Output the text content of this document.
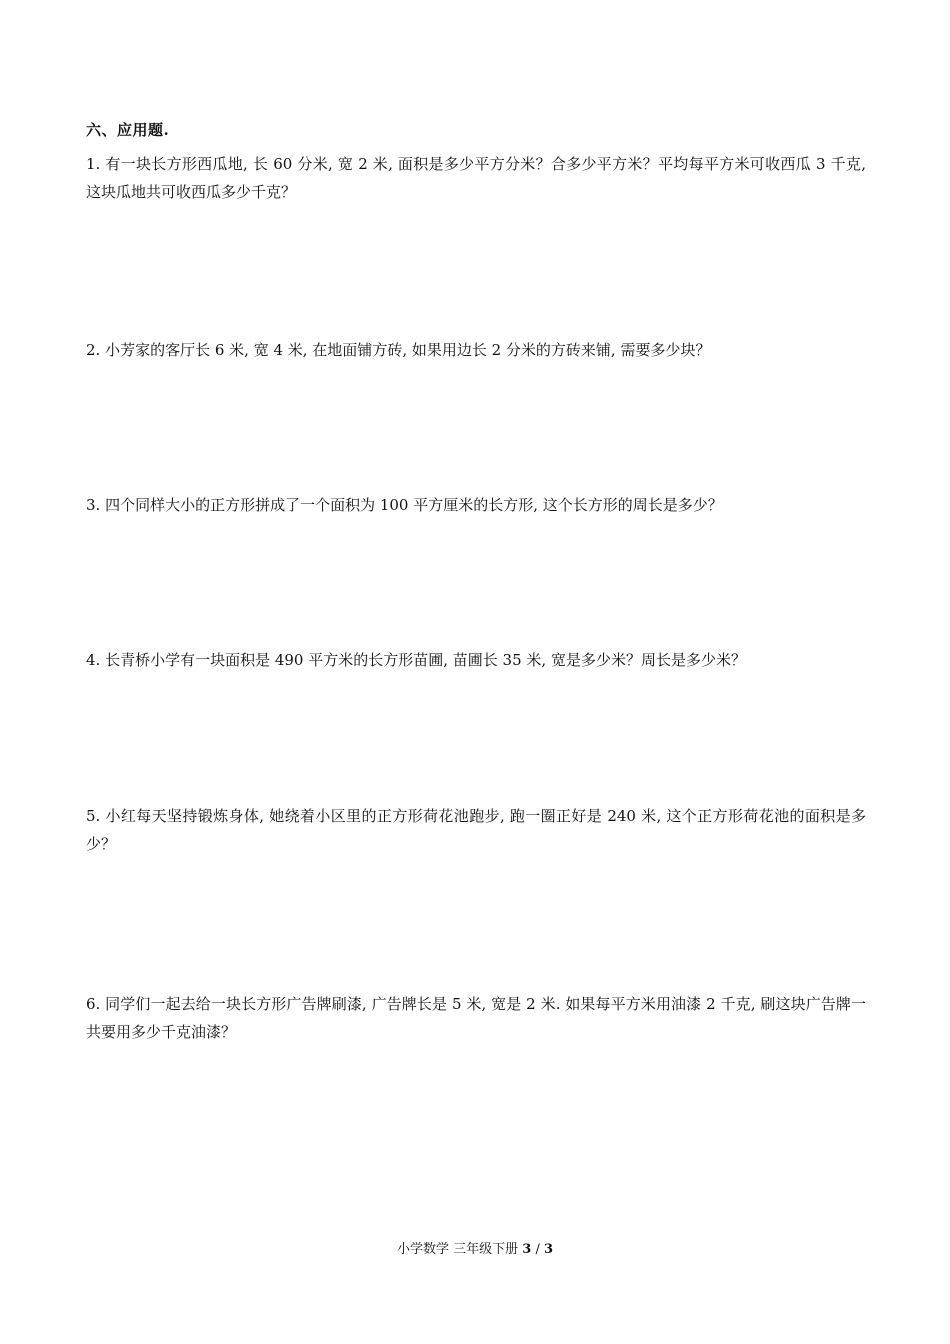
六、应用题.
1. 有一块长方形西瓜地, 长 60 分米, 宽 2 米, 面积是多少平方分米？合多少平方米？平均每平方米可收西瓜 3 千克, 这块瓜地共可收西瓜多少千克？
2. 小芳家的客厅长 6 米, 宽 4 米, 在地面铺方砖, 如果用边长 2 分米的方砖来铺, 需要多少块？
3. 四个同样大小的正方形拼成了一个面积为 100 平方厘米的长方形, 这个长方形的周长是多少？
4. 长青桥小学有一块面积是 490 平方米的长方形苗圃, 苗圃长 35 米, 宽是多少米？周长是多少米？
5. 小红每天坚持锻炼身体, 她绕着小区里的正方形荷花池跑步, 跑一圈正好是 240 米, 这个正方形荷花池的面积是多少？
6. 同学们一起去给一块长方形广告牌刷漆, 广告牌长是 5 米, 宽是 2 米. 如果每平方米用油漆 2 千克, 刷这块广告牌一共要用多少千克油漆？
小学数学 三年级下册 3 / 3
